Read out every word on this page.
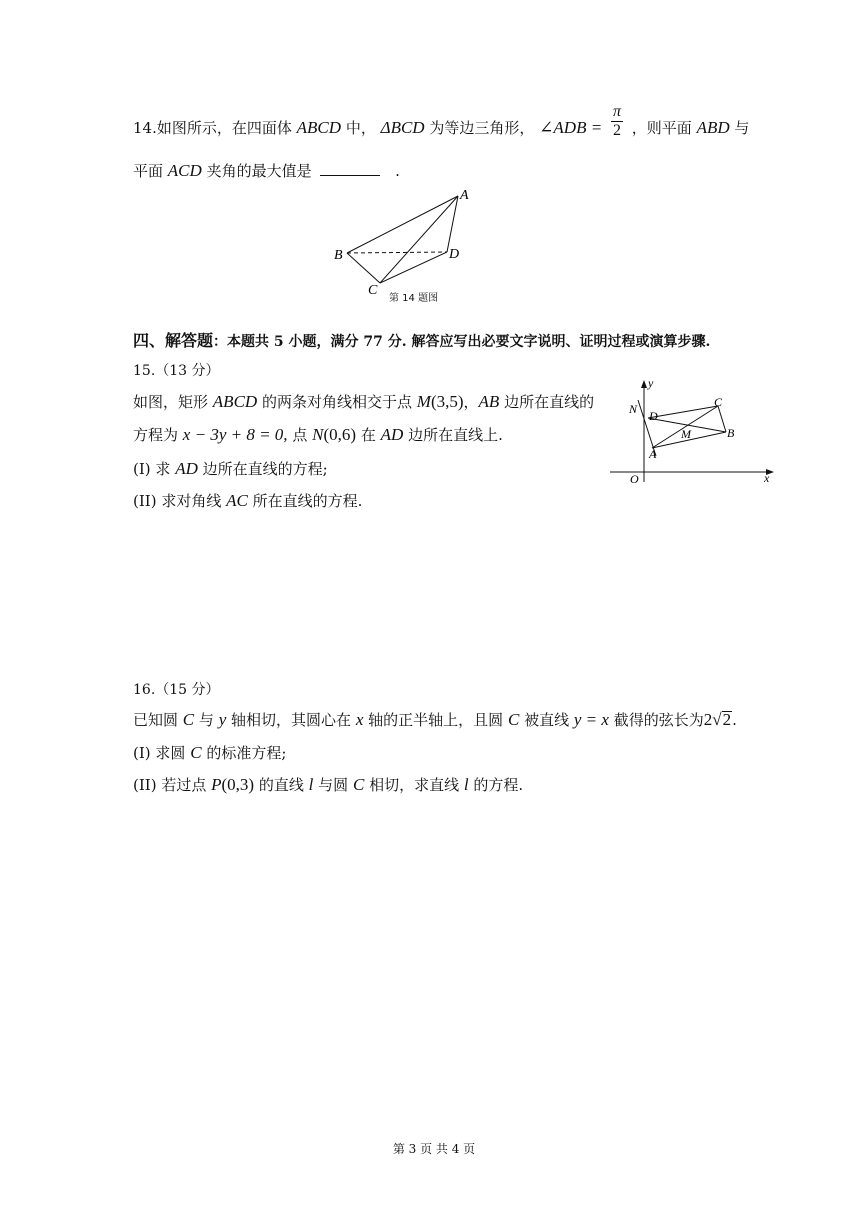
14.如图所示，在四面体 ABCD 中， ΔBCD 为等边三角形， ∠ADB = $\frac{\pi}{2}$ ，则平面 ABD 与
平面 ACD 夹角的最大值是	.
A
B
C
D
第 14 题图
四、解答题：本题共 5 小题，满分 77 分. 解答应写出必要文字说明、证明过程或演算步骤.
15.（13 分）
如图，矩形 ABCD 的两条对角线相交于点 M(3,5)，AB 边所在直线的
方程为 x − 3y + 8 = 0, 点 N(0,6) 在 AD 边所在直线上.
(I) 求 AD 边所在直线的方程;
(II) 求对角线 AC 所在直线的方程.
y
x
O
N D
C
M	B
A
16.（15 分）
已知圆 C 与 y 轴相切，其圆心在 x 轴的正半轴上，且圆 C 被直线 y = x 截得的弦长为2√2.
(I) 求圆 C 的标准方程;
(II) 若过点 P(0,3) 的直线 l 与圆 C 相切，求直线 l 的方程.
第 3 页 共 4 页
